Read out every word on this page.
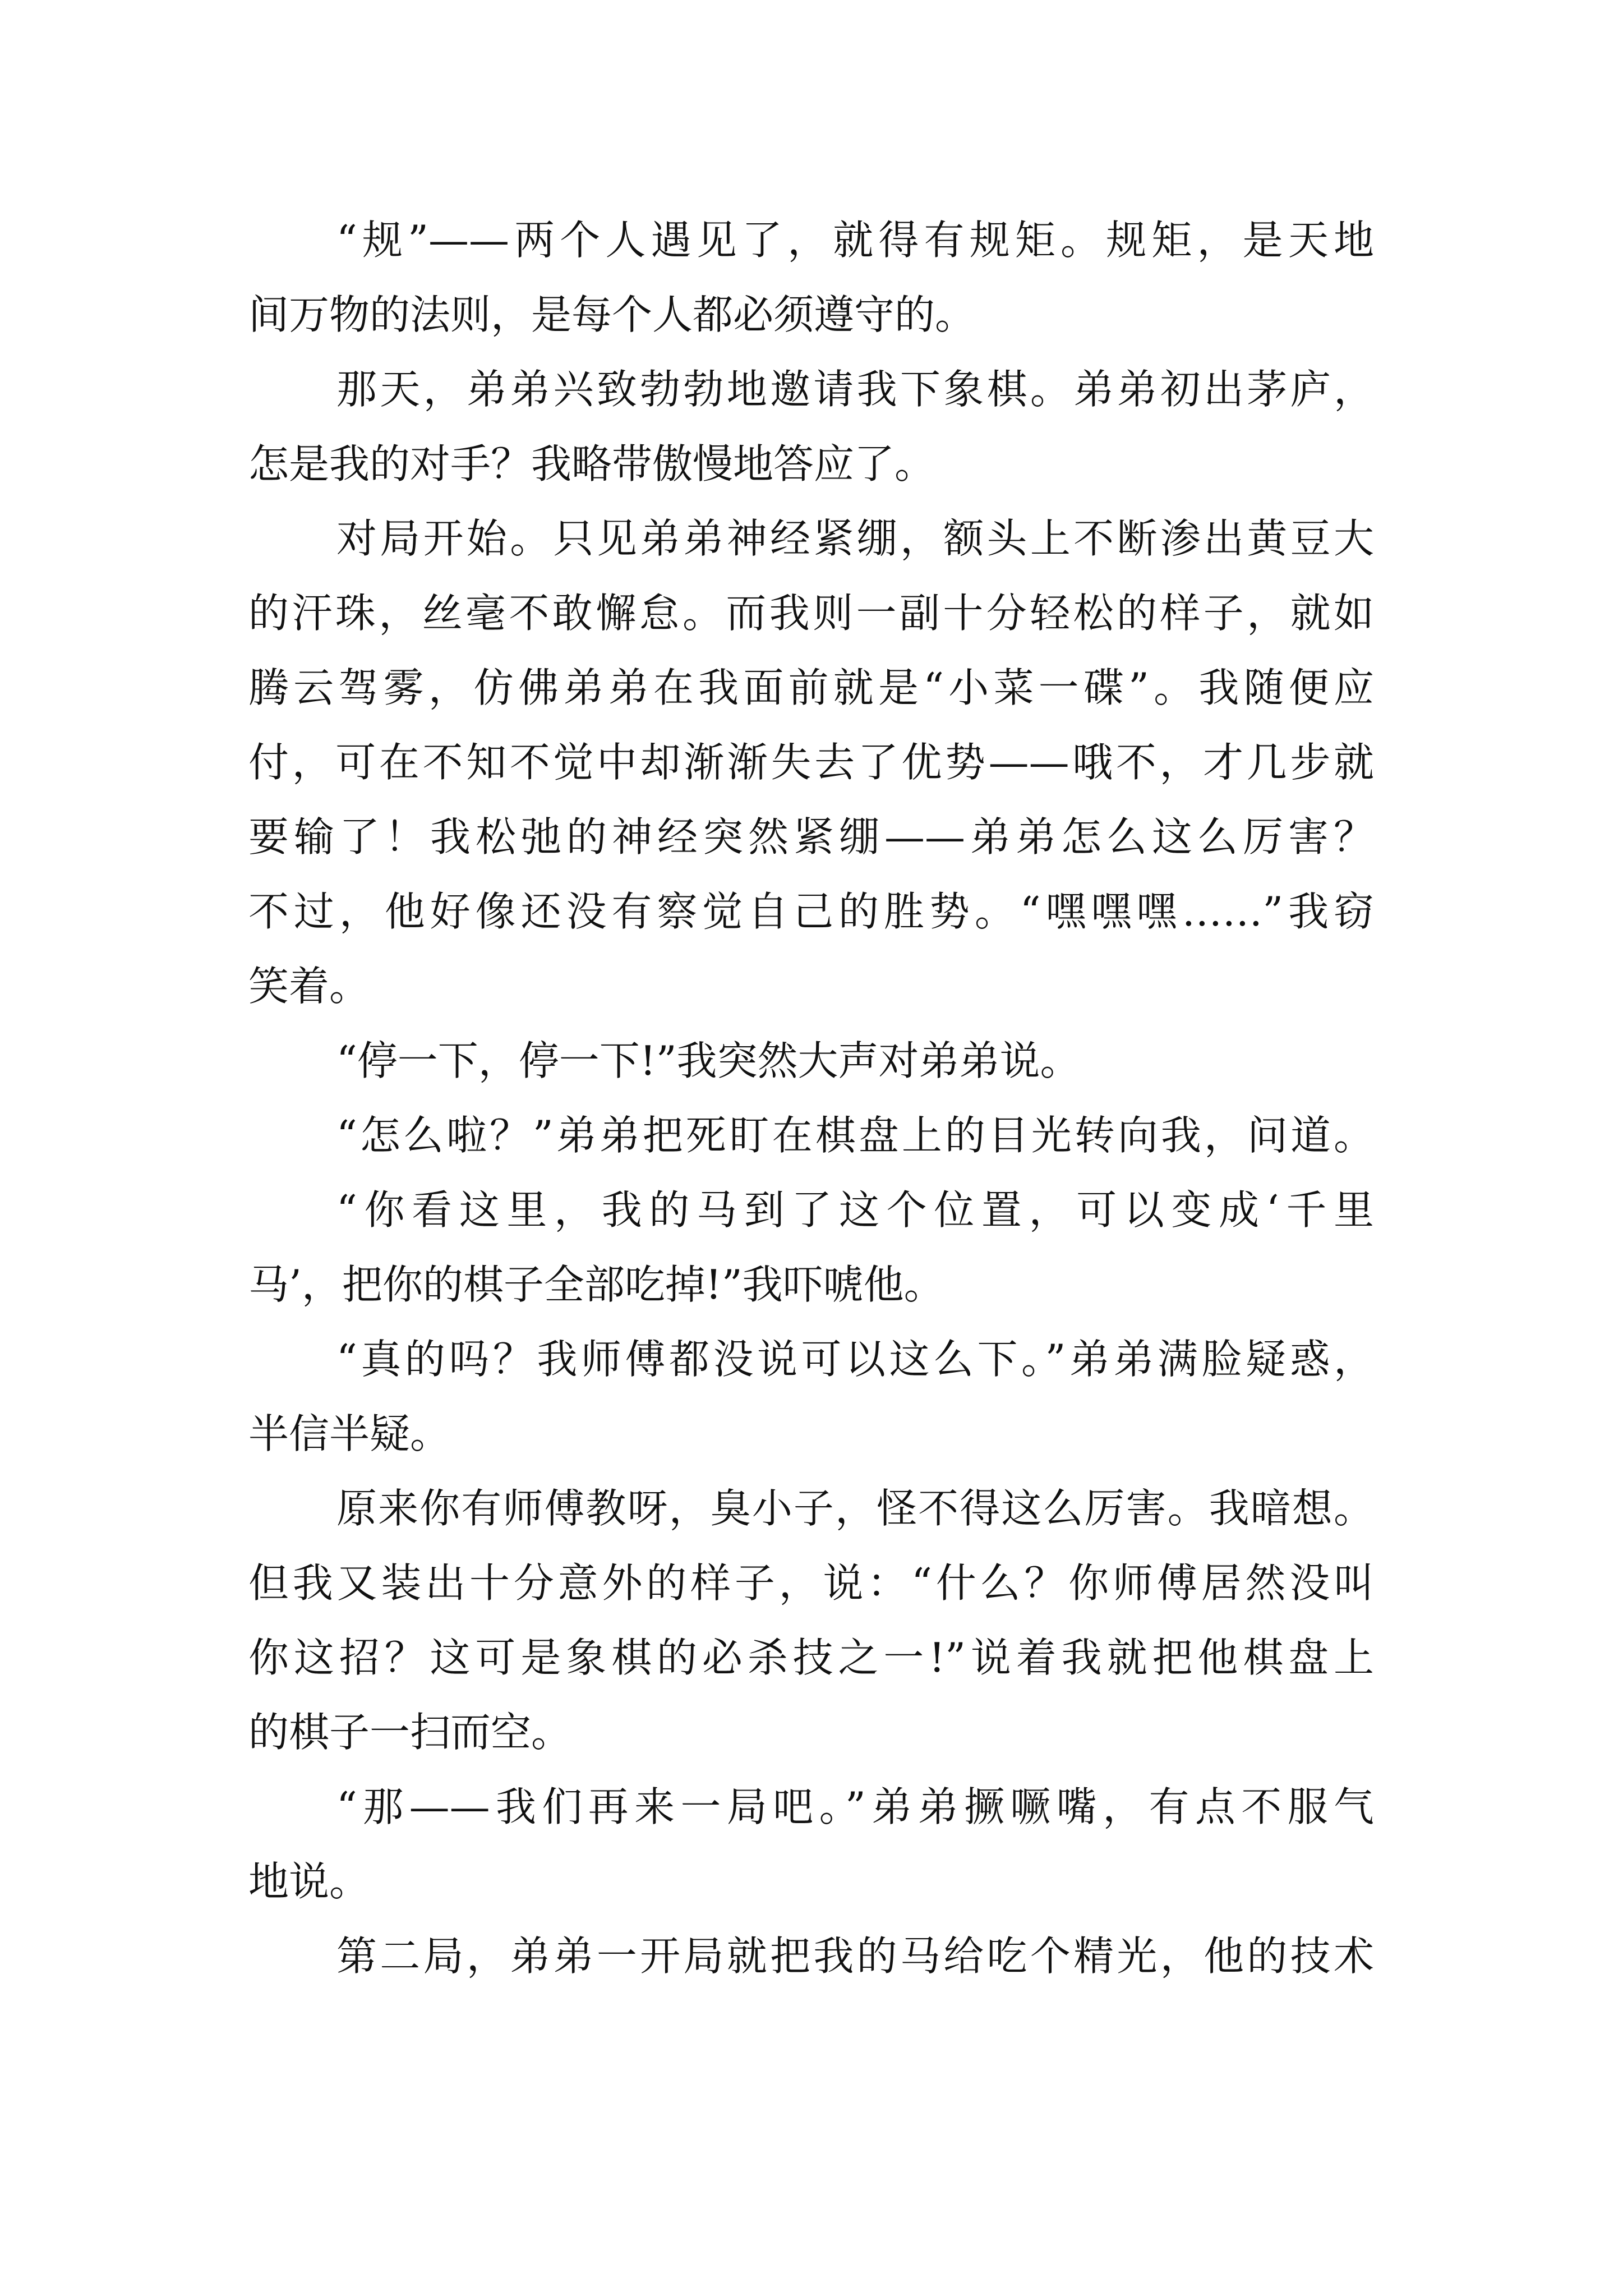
“规”——两个人遇见了，就得有规矩。规矩，是天地
间万物的法则，是每个人都必须遵守的。
那天，弟弟兴致勃勃地邀请我下象棋。弟弟初出茅庐，
怎是我的对手？我略带傲慢地答应了。
对局开始。只见弟弟神经紧绷，额头上不断渗出黄豆大
的汗珠，丝毫不敢懈怠。而我则一副十分轻松的样子，就如
腾云驾雾，仿佛弟弟在我面前就是“小菜一碟”。我随便应
付，可在不知不觉中却渐渐失去了优势——哦不，才几步就
要输了！我松弛的神经突然紧绷——弟弟怎么这么厉害？
不过，他好像还没有察觉自己的胜势。“嘿嘿嘿……”我窃
笑着。
“停一下，停一下!”我突然大声对弟弟说。
“怎么啦？”弟弟把死盯在棋盘上的目光转向我，问道。
“你看这里，我的马到了这个位置，可以变成‘千里
马’，把你的棋子全部吃掉!”我吓唬他。
“真的吗？我师傅都没说可以这么下。”弟弟满脸疑惑，
半信半疑。
原来你有师傅教呀，臭小子，怪不得这么厉害。我暗想。
但我又装出十分意外的样子，说：“什么？你师傅居然没叫
你这招？这可是象棋的必杀技之一!”说着我就把他棋盘上
的棋子一扫而空。
“那——我们再来一局吧。”弟弟撅噘嘴，有点不服气
地说。
第二局，弟弟一开局就把我的马给吃个精光，他的技术
